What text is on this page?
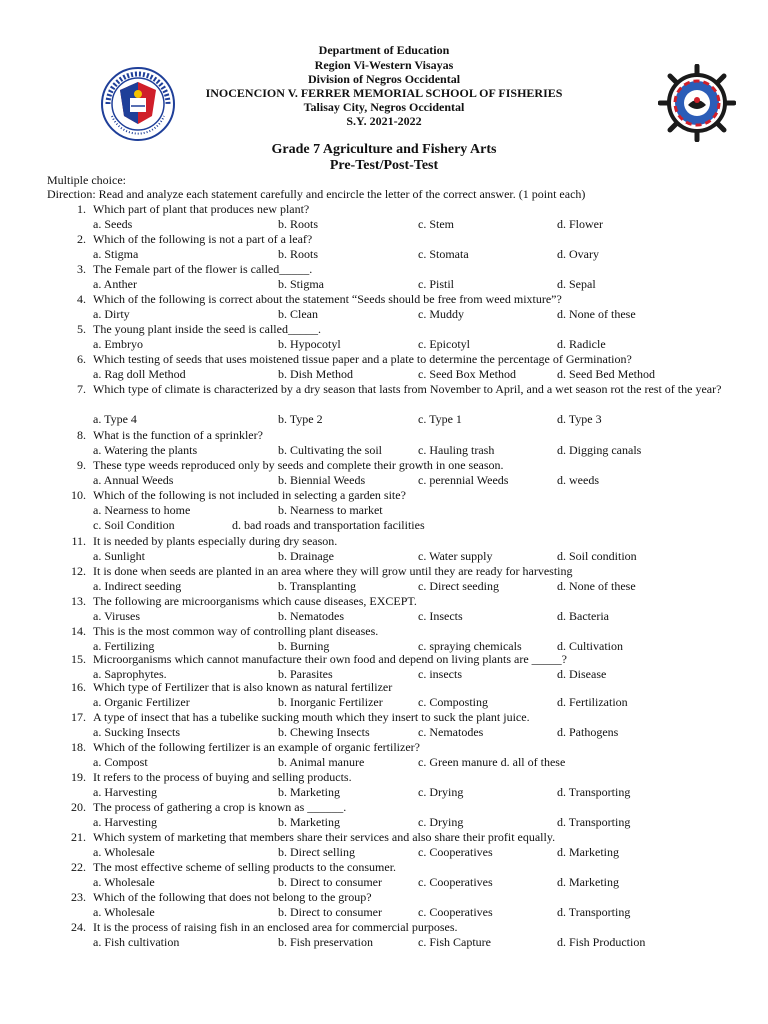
Department of Education
Region Vi-Western Visayas
Division of Negros Occidental
INOCENCION V. FERRER MEMORIAL SCHOOL OF FISHERIES
Talisay City, Negros Occidental
S.Y. 2021-2022
Grade 7 Agriculture and Fishery Arts
Pre-Test/Post-Test
Multiple choice:
Direction: Read and analyze each statement carefully and encircle the letter of the correct answer. (1 point each)
1. Which part of plant that produces new plant?
a. Seeds	b. Roots	c. Stem	d. Flower
2. Which of the following is not a part of a leaf?
a. Stigma	b. Roots	c. Stomata	d. Ovary
3. The Female part of the flower is called_____.
a. Anther	b. Stigma	c. Pistil	d. Sepal
4. Which of the following is correct about the statement “Seeds should be free from weed mixture”?
a. Dirty	b. Clean	c. Muddy	d. None of these
5. The young plant inside the seed is called_____.
a. Embryo	b. Hypocotyl	c. Epicotyl	d. Radicle
6. Which testing of seeds that uses moistened tissue paper and a plate to determine the percentage of Germination?
a. Rag doll Method	b. Dish Method	c. Seed Box Method	d. Seed Bed Method
7. Which type of climate is characterized by a dry season that lasts from November to April, and a wet season rot the rest of the year?
a. Type 4	b. Type 2	c. Type 1	d. Type 3
8. What is the function of a sprinkler?
a. Watering the plants	b. Cultivating the soil	c. Hauling trash	d. Digging canals
9. These type weeds reproduced only by seeds and complete their growth in one season.
a. Annual Weeds	b. Biennial Weeds	c. perennial Weeds	d. weeds
10. Which of the following is not included in selecting a garden site?
a. Nearness to home	b. Nearness to market
c. Soil Condition	d. bad roads and transportation facilities
11. It is needed by plants especially during dry season.
a. Sunlight	b. Drainage	c. Water supply	d. Soil condition
12. It is done when seeds are planted in an area where they will grow until they are ready for harvesting
a. Indirect seeding	b. Transplanting	c. Direct seeding	d. None of these
13. The following are microorganisms which cause diseases, EXCEPT.
a. Viruses	b. Nematodes	c. Insects	d. Bacteria
14. This is the most common way of controlling plant diseases.
a. Fertilizing	b. Burning	c. spraying chemicals	d. Cultivation
15. Microorganisms which cannot manufacture their own food and depend on living plants are _____?
a. Saprophytes.	b. Parasites	c. insects	d. Disease
16. Which type of Fertilizer that is also known as natural fertilizer
a. Organic Fertilizer	b. Inorganic Fertilizer	c. Composting	d. Fertilization
17. A type of insect that has a tubelike sucking mouth which they insert to suck the plant juice.
a. Sucking Insects	b. Chewing Insects	c. Nematodes	d. Pathogens
18. Which of the following fertilizer is an example of organic fertilizer?
a. Compost	b. Animal manure	c. Green manure d. all of these
19. It refers to the process of buying and selling products.
a. Harvesting	b. Marketing	c. Drying	d. Transporting
20. The process of gathering a crop is known as ______.
a. Harvesting	b. Marketing	c. Drying	d. Transporting
21. Which system of marketing that members share their services and also share their profit equally.
a. Wholesale	b. Direct selling	c. Cooperatives	d. Marketing
22. The most effective scheme of selling products to the consumer.
a. Wholesale	b. Direct to consumer	c. Cooperatives	d. Marketing
23. Which of the following that does not belong to the group?
a. Wholesale	b. Direct to consumer	c. Cooperatives	d. Transporting
24. It is the process of raising fish in an enclosed area for commercial purposes.
a. Fish cultivation	b. Fish preservation	c. Fish Capture	d. Fish Production
